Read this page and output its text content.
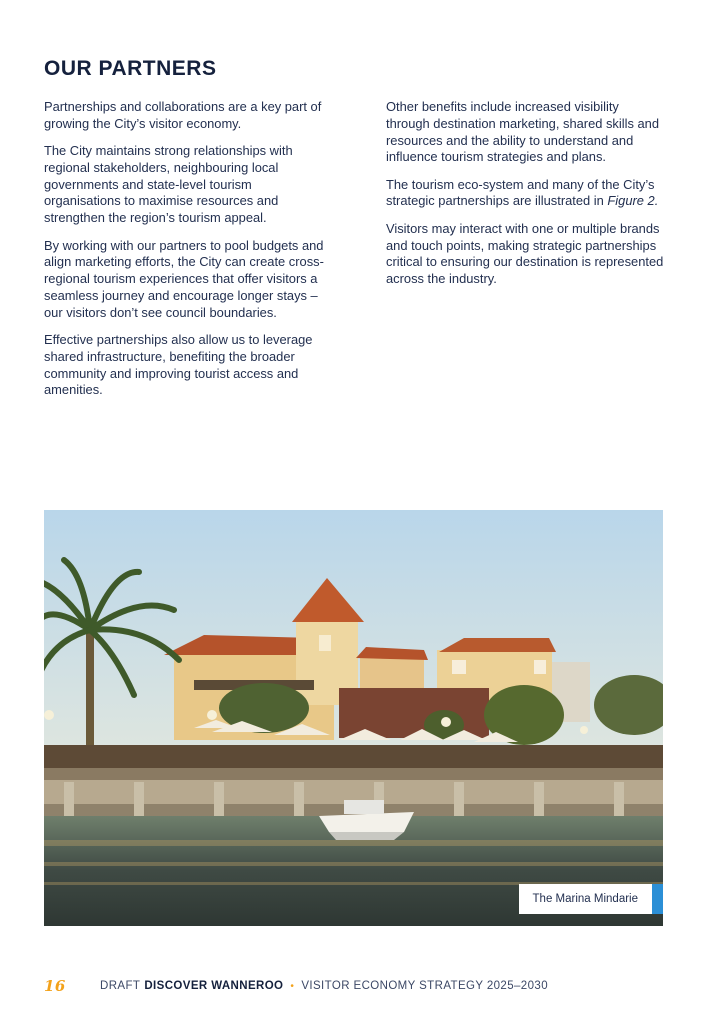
OUR PARTNERS

Partnerships and collaborations are a key part of growing the City’s visitor economy.

The City maintains strong relationships with regional stakeholders, neighbouring local governments and state-level tourism organisations to maximise resources and strengthen the region’s tourism appeal.

By working with our partners to pool budgets and align marketing efforts, the City can create cross-regional tourism experiences that offer visitors a seamless journey and encourage longer stays – our visitors don’t see council boundaries.

Effective partnerships also allow us to leverage shared infrastructure, benefiting the broader community and improving tourist access and amenities.

Other benefits include increased visibility through destination marketing, shared skills and resources and the ability to understand and influence tourism strategies and plans.

The tourism eco-system and many of the City’s strategic partnerships are illustrated in Figure 2.

Visitors may interact with one or multiple brands and touch points, making strategic partnerships critical to ensuring our destination is represented across the industry.

The Marina Mindarie
16	DRAFT DISCOVER WANNEROO • VISITOR ECONOMY STRATEGY 2025–2030
